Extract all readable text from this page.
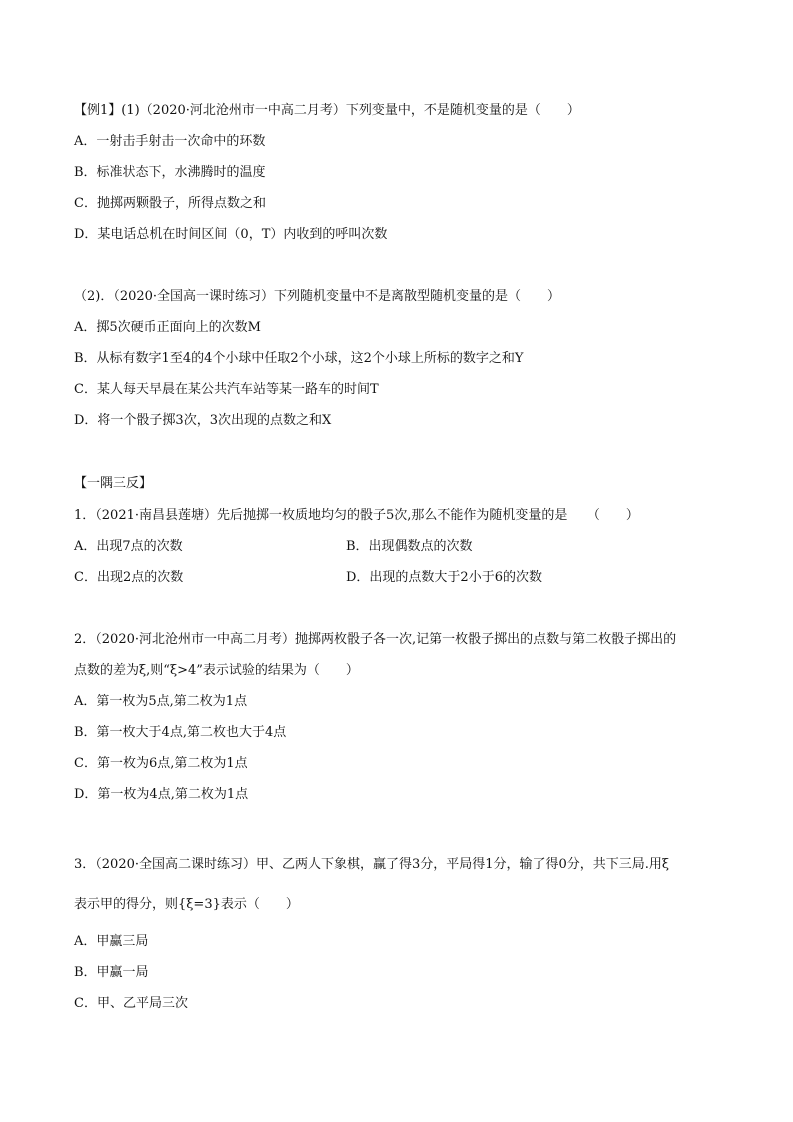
【例1】(1)（2020·河北沧州市一中高二月考）下列变量中，不是随机变量的是（　　）
A．一射击手射击一次命中的环数
B．标准状态下，水沸腾时的温度
C．抛掷两颗骰子，所得点数之和
D．某电话总机在时间区间（0，T）内收到的呼叫次数
（2)．（2020·全国高一课时练习）下列随机变量中不是离散型随机变量的是（　　）
A．掷5次硬币正面向上的次数M
B．从标有数字1至4的4个小球中任取2个小球，这2个小球上所标的数字之和Y
C．某人每天早晨在某公共汽车站等某一路车的时间T
D．将一个骰子掷3次，3次出现的点数之和X
【一隅三反】
1．（2021·南昌县莲塘）先后抛掷一枚质地均匀的骰子5次,那么不能作为随机变量的是　　（　　）
A．出现7点的次数	B．出现偶数点的次数
C．出现2点的次数	D．出现的点数大于2小于6的次数
2．（2020·河北沧州市一中高二月考）抛掷两枚骰子各一次,记第一枚骰子掷出的点数与第二枚骰子掷出的
点数的差为ξ,则“ξ>4”表示试验的结果为（　　）
A．第一枚为5点,第二枚为1点
B．第一枚大于4点,第二枚也大于4点
C．第一枚为6点,第二枚为1点
D．第一枚为4点,第二枚为1点
3．（2020·全国高二课时练习）甲、乙两人下象棋，赢了得3分，平局得1分，输了得0分，共下三局.用ξ
表示甲的得分，则{ξ=3}表示（　　）
A．甲赢三局
B．甲赢一局
C．甲、乙平局三次
